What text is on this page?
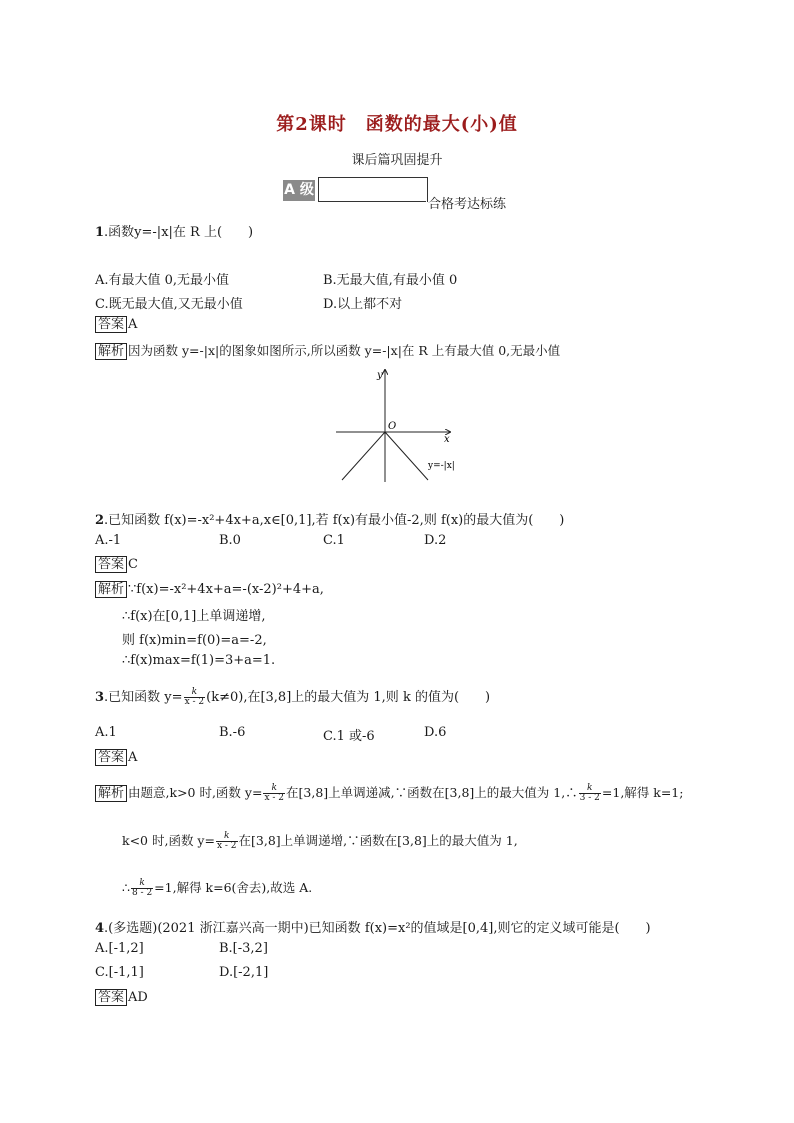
第2课时　函数的最大(小)值
课后篇巩固提升
A 级
合格考达标练
1.函数y=-|x|在 R 上(　　)
A.有最大值 0,无最小值	B.无最大值,有最小值 0
C.既无最大值,又无最小值	D.以上都不对
答案 A
解析 因为函数 y=-|x|的图象如图所示,所以函数 y=-|x|在 R 上有最大值 0,无最小值
x
y
O
y=-|x|
2.已知函数 f(x)=-x²+4x+a,x∈[0,1],若 f(x)有最小值-2,则 f(x)的最大值为(　　)
A.-1	B.0	C.1	D.2
答案 C
解析 ∵f(x)=-x²+4x+a=-(x-2)²+4+a,
∴f(x)在[0,1]上单调递增,
则 f(x)min=f(0)=a=-2,
∴f(x)max=f(1)=3+a=1.
3.已知函数 $y= \frac{k}{x - 2} (k\ne 0)$,在[3,8]上的最大值为 1,则 k 的值为(　　)
A.1	B.-6	C.1 或-6	D.6
答案 A
解析 由题意,k>0 时,函数 $y= \frac{k}{x - 2}$ 在[3,8]上单调递减,∵函数在[3,8]上的最大值为 1,∴ $\frac{k}{3 - 2} =1$,解得 k=1;
k<0 时,函数 $y= \frac{k}{x - 2}$ 在[3,8]上单调递增,∵函数在[3,8]上的最大值为 1,
∴ $\frac{k}{8 - 2} =1$,解得 k=6(舍去),故选 A.
4.(多选题)(2021 浙江嘉兴高一期中)已知函数 f(x)=x²的值域是[0,4],则它的定义域可能是(　　)
A.[-1,2]	B.[-3,2]
C.[-1,1]	D.[-2,1]
答案 AD
